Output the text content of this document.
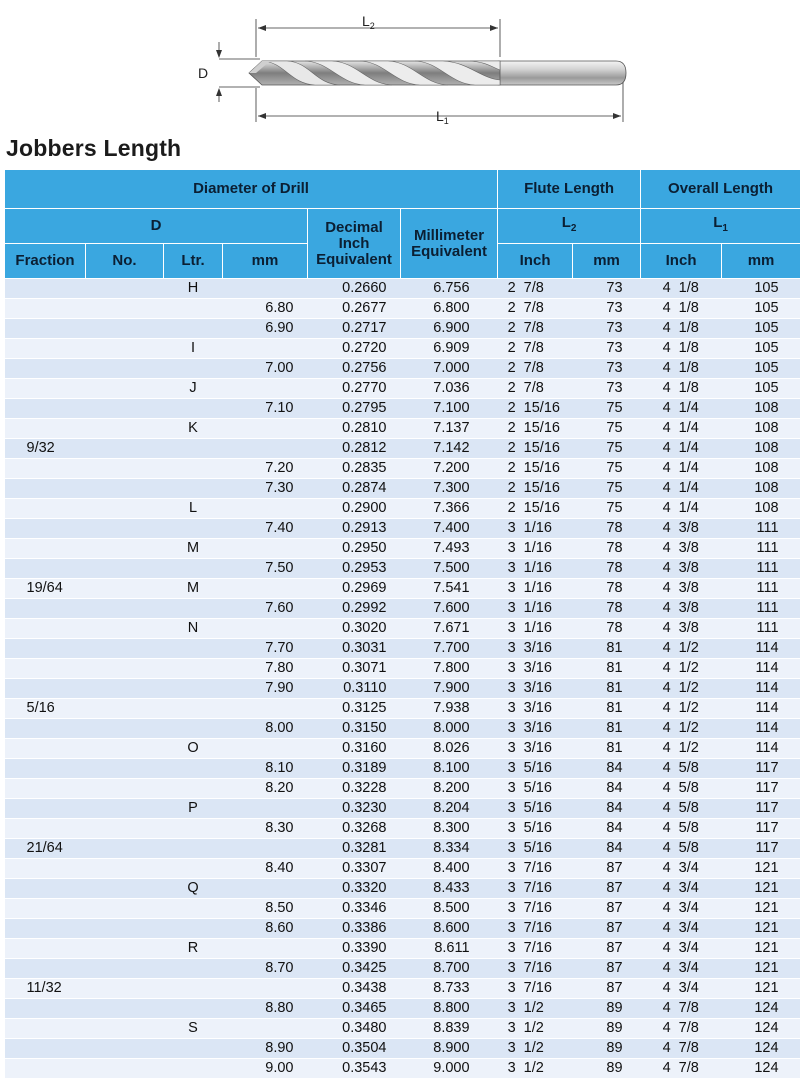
$L_2$
$L_1$
D
Jobbers Length
Diameter of Drill						Flute Length		Overall Length	
D				Decimal Inch Equivalent	Millimeter Equivalent	$L_2$		$L_1$
Fraction	No.	Ltr.	mm			Inch	mm	Inch	mm
		H		0.2660	6.756	2  7/8	73	4  1/8	105
			6.80	0.2677	6.800	2  7/8	73	4  1/8	105
			6.90	0.2717	6.900	2  7/8	73	4  1/8	105
		I		0.2720	6.909	2  7/8	73	4  1/8	105
			7.00	0.2756	7.000	2  7/8	73	4  1/8	105
		J		0.2770	7.036	2  7/8	73	4  1/8	105
			7.10	0.2795	7.100	2  15/16	75	4  1/4	108
		K		0.2810	7.137	2  15/16	75	4  1/4	108
9/32				0.2812	7.142	2  15/16	75	4  1/4	108
			7.20	0.2835	7.200	2  15/16	75	4  1/4	108
			7.30	0.2874	7.300	2  15/16	75	4  1/4	108
		L		0.2900	7.366	2  15/16	75	4  1/4	108
			7.40	0.2913	7.400	3  1/16	78	4  3/8	111
		M		0.2950	7.493	3  1/16	78	4  3/8	111
			7.50	0.2953	7.500	3  1/16	78	4  3/8	111
19/64		M		0.2969	7.541	3  1/16	78	4  3/8	111
			7.60	0.2992	7.600	3  1/16	78	4  3/8	111
		N		0.3020	7.671	3  1/16	78	4  3/8	111
			7.70	0.3031	7.700	3  3/16	81	4  1/2	114
			7.80	0.3071	7.800	3  3/16	81	4  1/2	114
			7.90	0.3110	7.900	3  3/16	81	4  1/2	114
5/16				0.3125	7.938	3  3/16	81	4  1/2	114
			8.00	0.3150	8.000	3  3/16	81	4  1/2	114
		O		0.3160	8.026	3  3/16	81	4  1/2	114
			8.10	0.3189	8.100	3  5/16	84	4  5/8	117
			8.20	0.3228	8.200	3  5/16	84	4  5/8	117
		P		0.3230	8.204	3  5/16	84	4  5/8	117
			8.30	0.3268	8.300	3  5/16	84	4  5/8	117
21/64				0.3281	8.334	3  5/16	84	4  5/8	117
			8.40	0.3307	8.400	3  7/16	87	4  3/4	121
		Q		0.3320	8.433	3  7/16	87	4  3/4	121
			8.50	0.3346	8.500	3  7/16	87	4  3/4	121
			8.60	0.3386	8.600	3  7/16	87	4  3/4	121
		R		0.3390	8.611	3  7/16	87	4  3/4	121
			8.70	0.3425	8.700	3  7/16	87	4  3/4	121
11/32				0.3438	8.733	3  7/16	87	4  3/4	121
			8.80	0.3465	8.800	3  1/2	89	4  7/8	124
		S		0.3480	8.839	3  1/2	89	4  7/8	124
			8.90	0.3504	8.900	3  1/2	89	4  7/8	124
			9.00	0.3543	9.000	3  1/2	89	4  7/8	124
